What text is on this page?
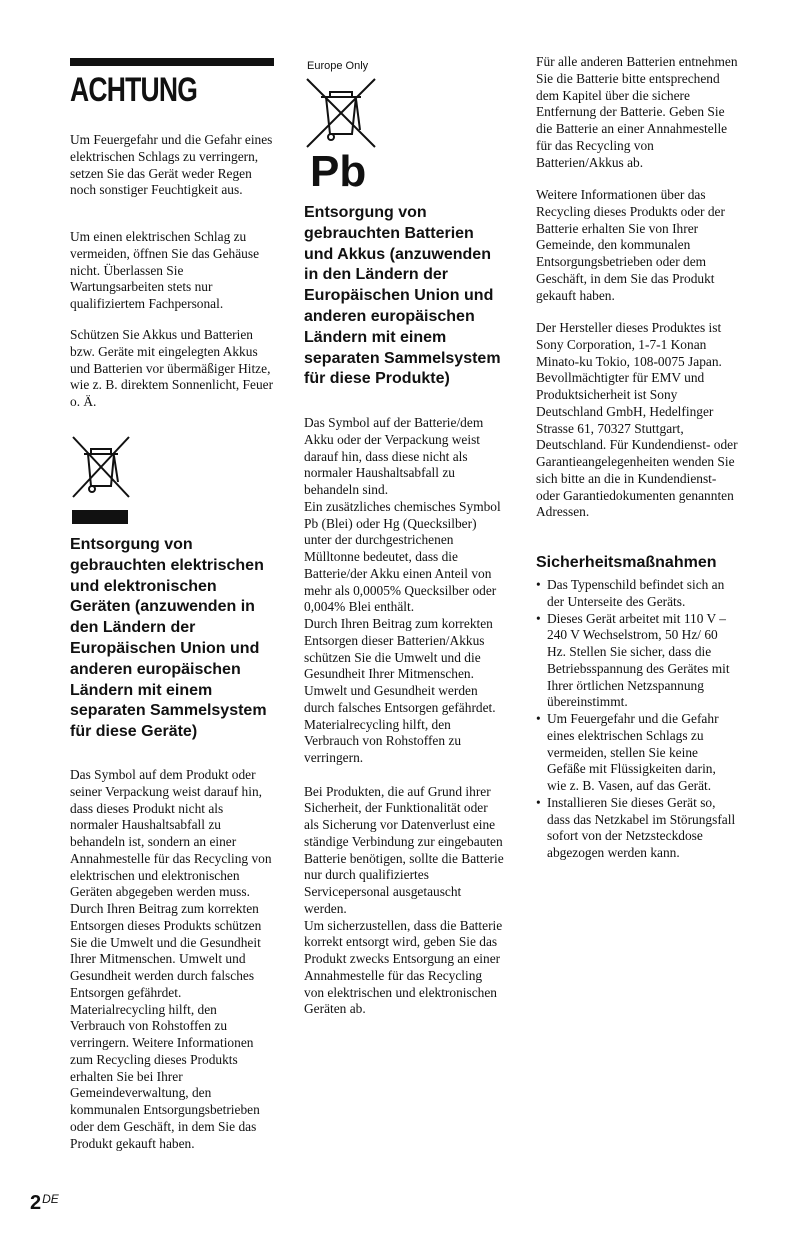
ACHTUNG

Um Feuergefahr und die Gefahr eines elektrischen Schlags zu verringern, setzen Sie das Gerät weder Regen noch sonstiger Feuchtigkeit aus.

Um einen elektrischen Schlag zu vermeiden, öffnen Sie das Gehäuse nicht. Überlassen Sie Wartungsarbeiten stets nur qualifiziertem Fachpersonal.

Schützen Sie Akkus und Batterien bzw. Geräte mit eingelegten Akkus und Batterien vor übermäßiger Hitze, wie z. B. direktem Sonnenlicht, Feuer o. Ä.

Entsorgung von gebrauchten elektrischen und elektronischen Geräten (anzuwenden in den Ländern der Europäischen Union und anderen europäischen Ländern mit einem separaten Sammelsystem für diese Geräte)

Das Symbol auf dem Produkt oder seiner Verpackung weist darauf hin, dass dieses Produkt nicht als normaler Haushaltsabfall zu behandeln ist, sondern an einer Annahmestelle für das Recycling von elektrischen und elektronischen Geräten abgegeben werden muss. Durch Ihren Beitrag zum korrekten Entsorgen dieses Produkts schützen Sie die Umwelt und die Gesundheit Ihrer Mitmenschen. Umwelt und Gesundheit werden durch falsches Entsorgen gefährdet. Materialrecycling hilft, den Verbrauch von Rohstoffen zu verringern. Weitere Informationen zum Recycling dieses Produkts erhalten Sie bei Ihrer Gemeindeverwaltung, den kommunalen Entsorgungsbetrieben oder dem Geschäft, in dem Sie das Produkt gekauft haben.

Europe Only
Pb
Entsorgung von gebrauchten Batterien und Akkus (anzuwenden in den Ländern der Europäischen Union und anderen europäischen Ländern mit einem separaten Sammelsystem für diese Produkte)

Das Symbol auf der Batterie/dem Akku oder der Verpackung weist darauf hin, dass diese nicht als normaler Haushaltsabfall zu behandeln sind.

Ein zusätzliches chemisches Symbol Pb (Blei) oder Hg (Quecksilber) unter der durchgestrichenen Mülltonne bedeutet, dass die Batterie/der Akku einen Anteil von mehr als 0,0005% Quecksilber oder 0,004% Blei enthält.

Durch Ihren Beitrag zum korrekten Entsorgen dieser Batterien/Akkus schützen Sie die Umwelt und die Gesundheit Ihrer Mitmenschen. Umwelt und Gesundheit werden durch falsches Entsorgen gefährdet. Materialrecycling hilft, den Verbrauch von Rohstoffen zu verringern.

Bei Produkten, die auf Grund ihrer Sicherheit, der Funktionalität oder als Sicherung vor Datenverlust eine ständige Verbindung zur eingebauten Batterie benötigen, sollte die Batterie nur durch qualifiziertes Servicepersonal ausgetauscht werden.

Um sicherzustellen, dass die Batterie korrekt entsorgt wird, geben Sie das Produkt zwecks Entsorgung an einer Annahmestelle für das Recycling von elektrischen und elektronischen Geräten ab.

Für alle anderen Batterien entnehmen Sie die Batterie bitte entsprechend dem Kapitel über die sichere Entfernung der Batterie. Geben Sie die Batterie an einer Annahmestelle für das Recycling von Batterien/Akkus ab.

Weitere Informationen über das Recycling dieses Produkts oder der Batterie erhalten Sie von Ihrer Gemeinde, den kommunalen Entsorgungsbetrieben oder dem Geschäft, in dem Sie das Produkt gekauft haben.

Der Hersteller dieses Produktes ist Sony Corporation, 1-7-1 Konan Minato-ku Tokio, 108-0075 Japan. Bevollmächtigter für EMV und Produktsicherheit ist Sony Deutschland GmbH, Hedelfinger Strasse 61, 70327 Stuttgart, Deutschland. Für Kundendienst- oder Garantieangelegenheiten wenden Sie sich bitte an die in Kundendienst- oder Garantiedokumenten genannten Adressen.

Sicherheitsmaßnahmen
• Das Typenschild befindet sich an der Unterseite des Geräts.
• Dieses Gerät arbeitet mit 110 V – 240 V Wechselstrom, 50 Hz/ 60 Hz. Stellen Sie sicher, dass die Betriebsspannung des Gerätes mit Ihrer örtlichen Netzspannung übereinstimmt.
• Um Feuergefahr und die Gefahr eines elektrischen Schlags zu vermeiden, stellen Sie keine Gefäße mit Flüssigkeiten darin, wie z. B. Vasen, auf das Gerät.
• Installieren Sie dieses Gerät so, dass das Netzkabel im Störungsfall sofort von der Netzsteckdose abgezogen werden kann.
2DE
